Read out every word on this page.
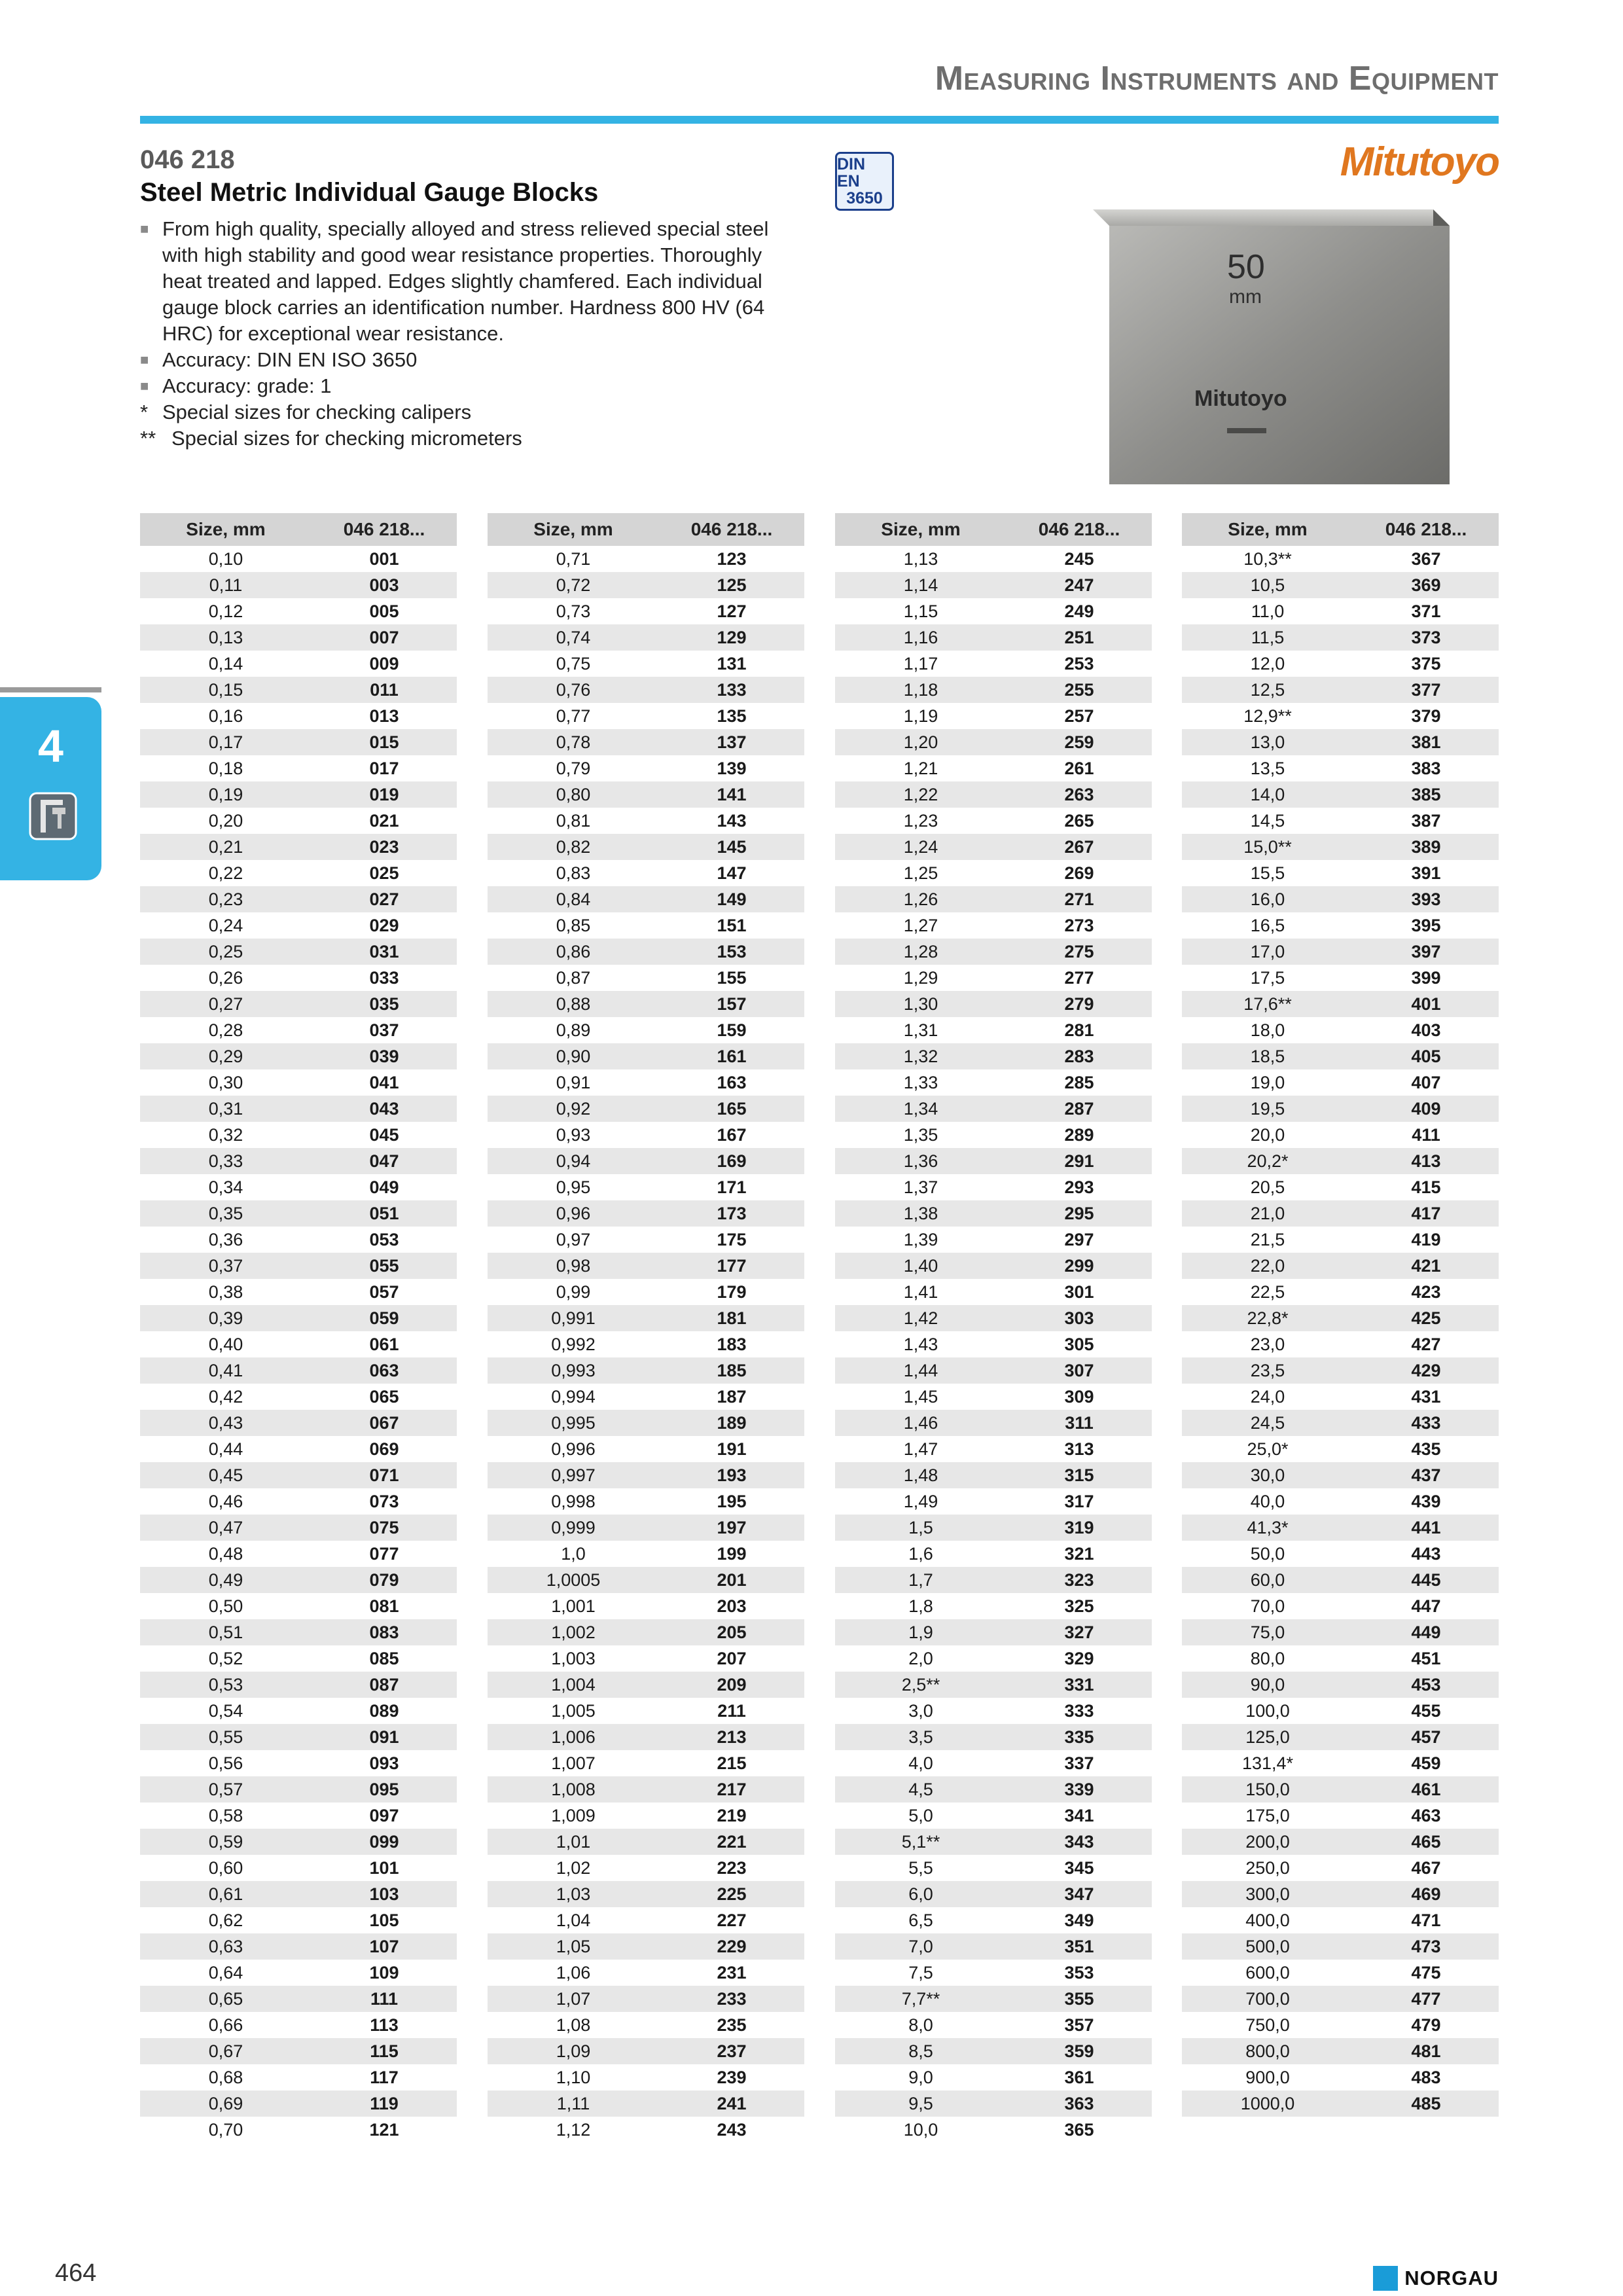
Measuring Instruments and Equipment
046 218
Steel Metric Individual Gauge Blocks
DIN EN
3650
Mitutoyo
■ From high quality, specially alloyed and stress relieved special steel with high stability and good wear resistance properties. Thoroughly heat treated and lapped. Edges slightly chamfered. Each individual gauge block carries an identification number. Hardness 800 HV (64 HRC) for exceptional wear resistance.
■ Accuracy: DIN EN ISO 3650
■ Accuracy: grade: 1
* Special sizes for checking calipers
** Special sizes for checking micrometers
50
mm
Mitutoyo
4
Size, mm	046 218...
0,10	001
0,11	003
0,12	005
0,13	007
0,14	009
0,15	011
0,16	013
0,17	015
0,18	017
0,19	019
0,20	021
0,21	023
0,22	025
0,23	027
0,24	029
0,25	031
0,26	033
0,27	035
0,28	037
0,29	039
0,30	041
0,31	043
0,32	045
0,33	047
0,34	049
0,35	051
0,36	053
0,37	055
0,38	057
0,39	059
0,40	061
0,41	063
0,42	065
0,43	067
0,44	069
0,45	071
0,46	073
0,47	075
0,48	077
0,49	079
0,50	081
0,51	083
0,52	085
0,53	087
0,54	089
0,55	091
0,56	093
0,57	095
0,58	097
0,59	099
0,60	101
0,61	103
0,62	105
0,63	107
0,64	109
0,65	111
0,66	113
0,67	115
0,68	117
0,69	119
0,70	121
Size, mm	046 218...
0,71	123
0,72	125
0,73	127
0,74	129
0,75	131
0,76	133
0,77	135
0,78	137
0,79	139
0,80	141
0,81	143
0,82	145
0,83	147
0,84	149
0,85	151
0,86	153
0,87	155
0,88	157
0,89	159
0,90	161
0,91	163
0,92	165
0,93	167
0,94	169
0,95	171
0,96	173
0,97	175
0,98	177
0,99	179
0,991	181
0,992	183
0,993	185
0,994	187
0,995	189
0,996	191
0,997	193
0,998	195
0,999	197
1,0	199
1,0005	201
1,001	203
1,002	205
1,003	207
1,004	209
1,005	211
1,006	213
1,007	215
1,008	217
1,009	219
1,01	221
1,02	223
1,03	225
1,04	227
1,05	229
1,06	231
1,07	233
1,08	235
1,09	237
1,10	239
1,11	241
1,12	243
Size, mm	046 218...
1,13	245
1,14	247
1,15	249
1,16	251
1,17	253
1,18	255
1,19	257
1,20	259
1,21	261
1,22	263
1,23	265
1,24	267
1,25	269
1,26	271
1,27	273
1,28	275
1,29	277
1,30	279
1,31	281
1,32	283
1,33	285
1,34	287
1,35	289
1,36	291
1,37	293
1,38	295
1,39	297
1,40	299
1,41	301
1,42	303
1,43	305
1,44	307
1,45	309
1,46	311
1,47	313
1,48	315
1,49	317
1,5	319
1,6	321
1,7	323
1,8	325
1,9	327
2,0	329
2,5**	331
3,0	333
3,5	335
4,0	337
4,5	339
5,0	341
5,1**	343
5,5	345
6,0	347
6,5	349
7,0	351
7,5	353
7,7**	355
8,0	357
8,5	359
9,0	361
9,5	363
10,0	365
Size, mm	046 218...
10,3**	367
10,5	369
11,0	371
11,5	373
12,0	375
12,5	377
12,9**	379
13,0	381
13,5	383
14,0	385
14,5	387
15,0**	389
15,5	391
16,0	393
16,5	395
17,0	397
17,5	399
17,6**	401
18,0	403
18,5	405
19,0	407
19,5	409
20,0	411
20,2*	413
20,5	415
21,0	417
21,5	419
22,0	421
22,5	423
22,8*	425
23,0	427
23,5	429
24,0	431
24,5	433
25,0*	435
30,0	437
40,0	439
41,3*	441
50,0	443
60,0	445
70,0	447
75,0	449
80,0	451
90,0	453
100,0	455
125,0	457
131,4*	459
150,0	461
175,0	463
200,0	465
250,0	467
300,0	469
400,0	471
500,0	473
600,0	475
700,0	477
750,0	479
800,0	481
900,0	483
1000,0	485
464	NORGAU
